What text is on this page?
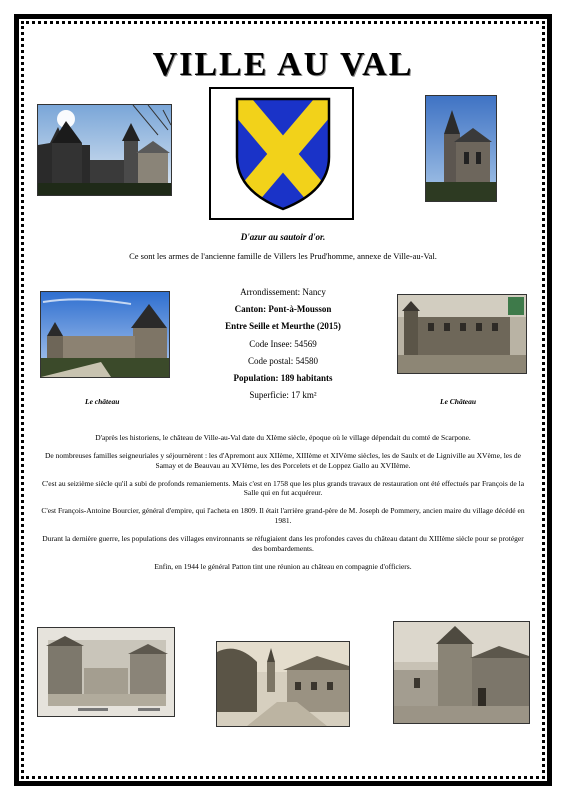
VILLE AU VAL
D'azur au sautoir d'or.
Ce sont les armes de l'ancienne famille de Villers les Prud'homme, annexe de Ville-au-Val.
Arrondissement: Nancy
Canton: Pont-à-Mousson
Entre Seille et Meurthe (2015)
Code Insee: 54569
Code postal: 54580
Population: 189 habitants
Superficie: 17 km²
Le château	Le Château

D'après les historiens, le château de Ville-au-Val date du XIème siècle, époque où le village dépendait du comté de Scarpone.

De nombreuses familles seigneuriales y séjournèrent : les d'Apremont aux XIIème, XIIIème et XIVème siècles, les de Saulx et de Ligniville au XVème, les de Samay et de Beauvau au XVIème, les des Porcelets et de Loppez Gallo au XVIIème.

C'est au seizième siècle qu'il a subi de profonds remaniements. Mais c'est en 1758 que les plus grands travaux de restauration ont été effectués par François de la Salle qui en fut acquéreur.

C'est François-Antoine Bourcier, général d'empire, qui l'acheta en 1809. Il était l'arrière grand-père de M. Joseph de Pommery, ancien maire du village décédé en 1981.

Durant la dernière guerre, les populations des villages environnants se réfugiaient dans les profondes caves du château datant du XIIIème siècle pour se protéger des bombardements.

Enfin, en 1944 le général Patton tint une réunion au château en compagnie d'officiers.
